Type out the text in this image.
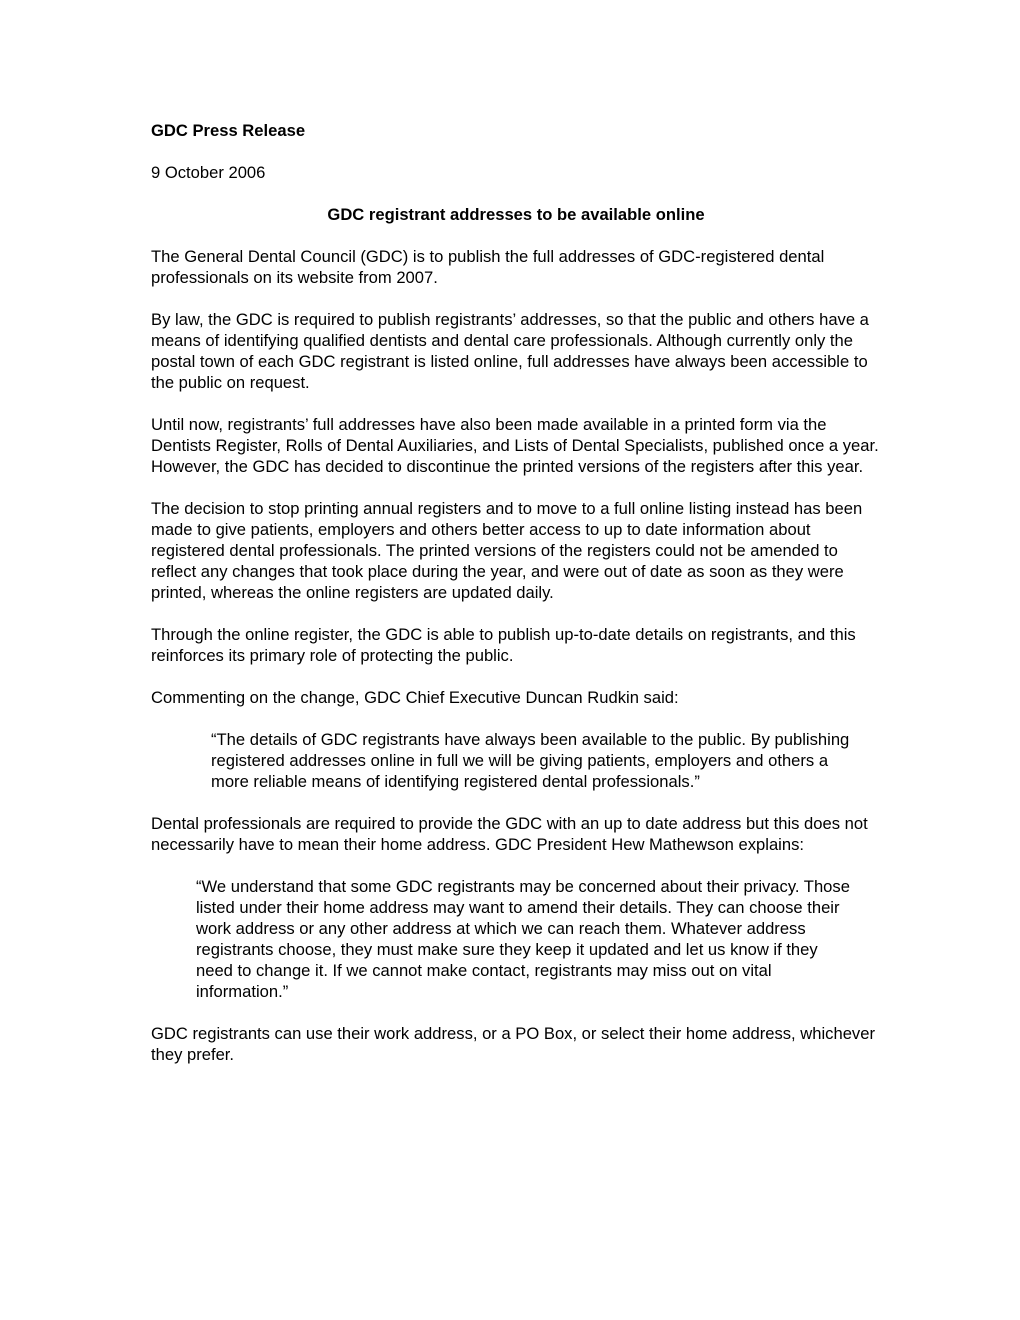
GDC Press Release

9 October 2006

GDC registrant addresses to be available online

The General Dental Council (GDC) is to publish the full addresses of GDC-registered dental professionals on its website from 2007.

By law, the GDC is required to publish registrants’ addresses, so that the public and others have a means of identifying qualified dentists and dental care professionals. Although currently only the postal town of each GDC registrant is listed online, full addresses have always been accessible to the public on request.

Until now, registrants’ full addresses have also been made available in a printed form via the Dentists Register, Rolls of Dental Auxiliaries, and Lists of Dental Specialists, published once a year. However, the GDC has decided to discontinue the printed versions of the registers after this year.

The decision to stop printing annual registers and to move to a full online listing instead has been made to give patients, employers and others better access to up to date information about registered dental professionals. The printed versions of the registers could not be amended to reflect any changes that took place during the year, and were out of date as soon as they were printed, whereas the online registers are updated daily.

Through the online register, the GDC is able to publish up-to-date details on registrants, and this reinforces its primary role of protecting the public.

Commenting on the change, GDC Chief Executive Duncan Rudkin said:

“The details of GDC registrants have always been available to the public. By publishing registered addresses online in full we will be giving patients, employers and others a more reliable means of identifying registered dental professionals.”

Dental professionals are required to provide the GDC with an up to date address but this does not necessarily have to mean their home address. GDC President Hew Mathewson explains:

“We understand that some GDC registrants may be concerned about their privacy. Those listed under their home address may want to amend their details. They can choose their work address or any other address at which we can reach them. Whatever address registrants choose, they must make sure they keep it updated and let us know if they need to change it. If we cannot make contact, registrants may miss out on vital information.”

GDC registrants can use their work address, or a PO Box, or select their home address, whichever they prefer.
